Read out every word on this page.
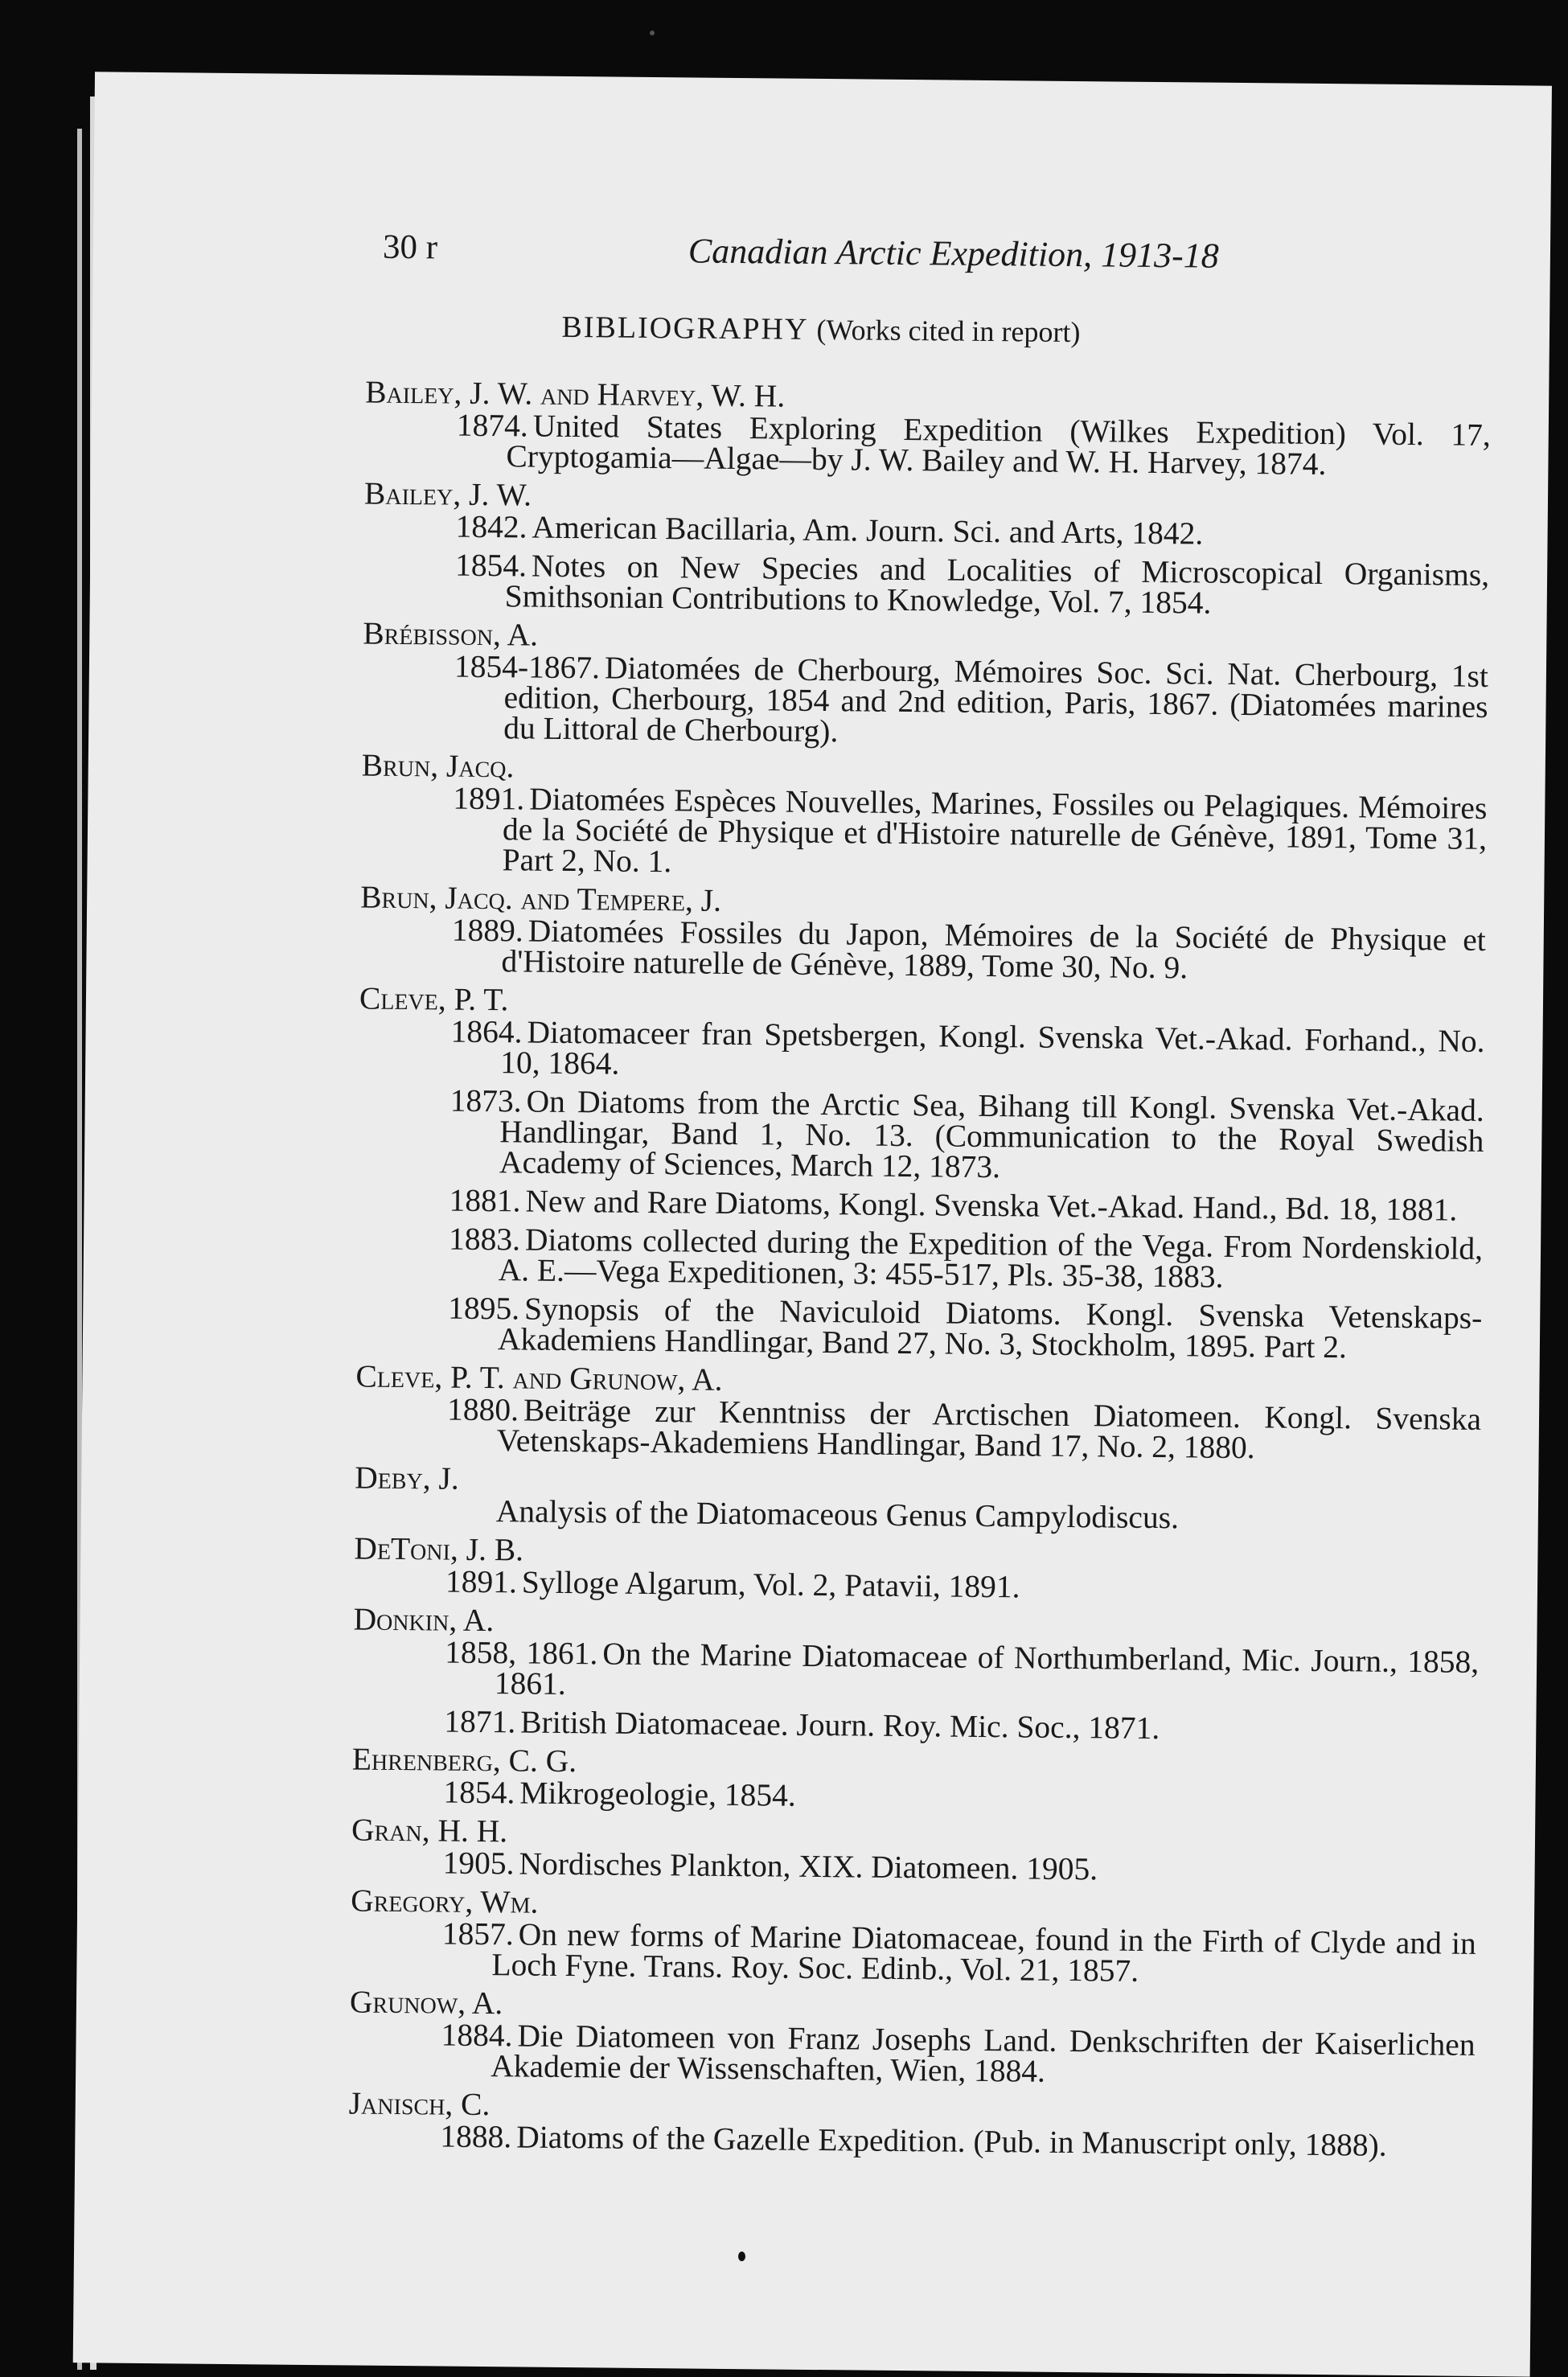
30 r	Canadian Arctic Expedition, 1913-18
BIBLIOGRAPHY (Works cited in report)
Bailey, J. W. and Harvey, W. H.
1874. United States Exploring Expedition (Wilkes Expedition) Vol. 17, Cryptogamia—Algae—by J. W. Bailey and W. H. Harvey, 1874.
Bailey, J. W.
1842. American Bacillaria, Am. Journ. Sci. and Arts, 1842.
1854. Notes on New Species and Localities of Microscopical Organisms, Smithsonian Contributions to Knowledge, Vol. 7, 1854.
Brébisson, A.
1854-1867. Diatomées de Cherbourg, Mémoires Soc. Sci. Nat. Cherbourg, 1st edition, Cherbourg, 1854 and 2nd edition, Paris, 1867. (Diatomées marines du Littoral de Cherbourg).
Brun, Jacq.
1891. Diatomées Espèces Nouvelles, Marines, Fossiles ou Pelagiques. Mémoires de la Société de Physique et d'Histoire naturelle de Génève, 1891, Tome 31, Part 2, No. 1.
Brun, Jacq. and Tempere, J.
1889. Diatomées Fossiles du Japon, Mémoires de la Société de Physique et d'Histoire naturelle de Génève, 1889, Tome 30, No. 9.
Cleve, P. T.
1864. Diatomaceer fran Spetsbergen, Kongl. Svenska Vet.-Akad. Forhand., No. 10, 1864.
1873. On Diatoms from the Arctic Sea, Bihang till Kongl. Svenska Vet.-Akad. Handlingar, Band 1, No. 13. (Communication to the Royal Swedish Academy of Sciences, March 12, 1873.
1881. New and Rare Diatoms, Kongl. Svenska Vet.-Akad. Hand., Bd. 18, 1881.
1883. Diatoms collected during the Expedition of the Vega. From Nordenskiold, A. E.—Vega Expeditionen, 3: 455-517, Pls. 35-38, 1883.
1895. Synopsis of the Naviculoid Diatoms. Kongl. Svenska Vetenskaps-Akademiens Handlingar, Band 27, No. 3, Stockholm, 1895. Part 2.
Cleve, P. T. and Grunow, A.
1880. Beiträge zur Kenntniss der Arctischen Diatomeen. Kongl. Svenska Vetenskaps-Akademiens Handlingar, Band 17, No. 2, 1880.
Deby, J.
Analysis of the Diatomaceous Genus Campylodiscus.
DeToni, J. B.
1891. Sylloge Algarum, Vol. 2, Patavii, 1891.
Donkin, A.
1858, 1861. On the Marine Diatomaceae of Northumberland, Mic. Journ., 1858, 1861.
1871. British Diatomaceae. Journ. Roy. Mic. Soc., 1871.
Ehrenberg, C. G.
1854. Mikrogeologie, 1854.
Gran, H. H.
1905. Nordisches Plankton, XIX. Diatomeen. 1905.
Gregory, Wm.
1857. On new forms of Marine Diatomaceae, found in the Firth of Clyde and in Loch Fyne. Trans. Roy. Soc. Edinb., Vol. 21, 1857.
Grunow, A.
1884. Die Diatomeen von Franz Josephs Land. Denkschriften der Kaiserlichen Akademie der Wissenschaften, Wien, 1884.
Janisch, C.
1888. Diatoms of the Gazelle Expedition. (Pub. in Manuscript only, 1888).
